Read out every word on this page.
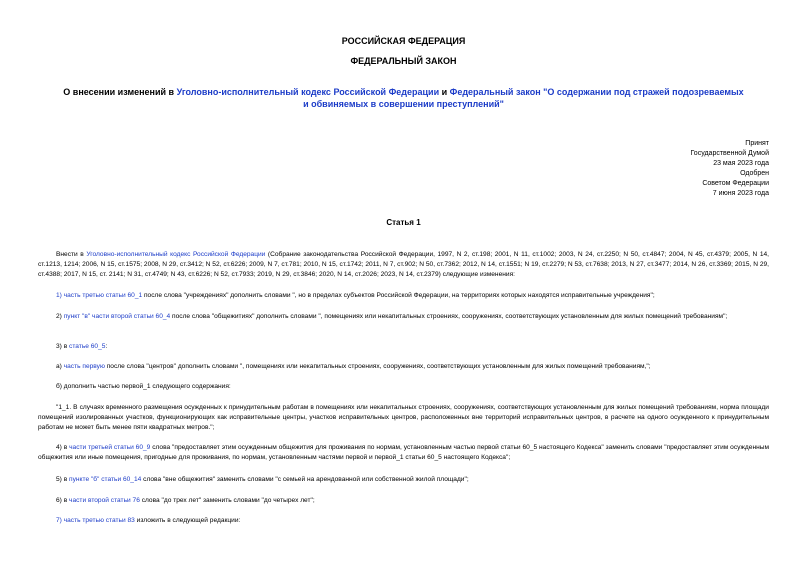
РОССИЙСКАЯ ФЕДЕРАЦИЯ
ФЕДЕРАЛЬНЫЙ ЗАКОН
О внесении изменений в Уголовно-исполнительный кодекс Российской Федерации и Федеральный закон "О содержании под стражей подозреваемых и обвиняемых в совершении преступлений"
Принят
Государственной Думой
23 мая 2023 года
Одобрен
Советом Федерации
7 июня 2023 года
Статья 1
Внести в Уголовно-исполнительный кодекс Российской Федерации (Собрание законодательства Российской Федерации, 1997, N 2, ст.198; 2001, N 11, ст.1002; 2003, N 24, ст.2250; N 50, ст.4847; 2004, N 45, ст.4379; 2005, N 14, ст.1213, 1214; 2006, N 15, ст.1575; 2008, N 29, ст.3412; N 52, ст.6226; 2009, N 7, ст.781; 2010, N 15, ст.1742; 2011, N 7, ст.902; N 50, ст.7362; 2012, N 14, ст.1551; N 19, ст.2279; N 53, ст.7638; 2013, N 27, ст.3477; 2014, N 26, ст.3369; 2015, N 29, ст.4388; 2017, N 15, ст. 2141; N 31, ст.4749; N 43, ст.6226; N 52, ст.7933; 2019, N 29, ст.3846; 2020, N 14, ст.2026; 2023, N 14, ст.2379) следующие изменения:
1) часть третью статьи 60_1 после слова "учреждениях" дополнить словами ", но в пределах субъектов Российской Федерации, на территориях которых находятся исправительные учреждения";
2) пункт "в" части второй статьи 60_4 после слова "общежитиях" дополнить словами ", помещениях или некапитальных строениях, сооружениях, соответствующих установленным для жилых помещений требованиям";
3) в статье 60_5:
а) часть первую после слова "центров" дополнить словами ", помещениях или некапитальных строениях, сооружениях, соответствующих установленным для жилых помещений требованиям,";
б) дополнить частью первой_1 следующего содержания:
"1_1. В случаях временного размещения осужденных к принудительным работам в помещениях или некапитальных строениях, сооружениях, соответствующих установленным для жилых помещений требованиям, норма площади помещений изолированных участков, функционирующих как исправительные центры, участков исправительных центров, расположенных вне территорий исправительных центров, в расчете на одного осужденного к принудительным работам не может быть менее пяти квадратных метров.";
4) в части третьей статьи 60_9 слова "предоставляет этим осужденным общежития для проживания по нормам, установленным частью первой статьи 60_5 настоящего Кодекса" заменить словами "предоставляет этим осужденным общежития или иные помещения, пригодные для проживания, по нормам, установленным частями первой и первой_1 статьи 60_5 настоящего Кодекса";
5) в пункте "б" статьи 60_14 слова "вне общежития" заменить словами "с семьей на арендованной или собственной жилой площади";
6) в части второй статьи 76 слова "до трех лет" заменить словами "до четырех лет";
7) часть третью статьи 83 изложить в следующей редакции:
